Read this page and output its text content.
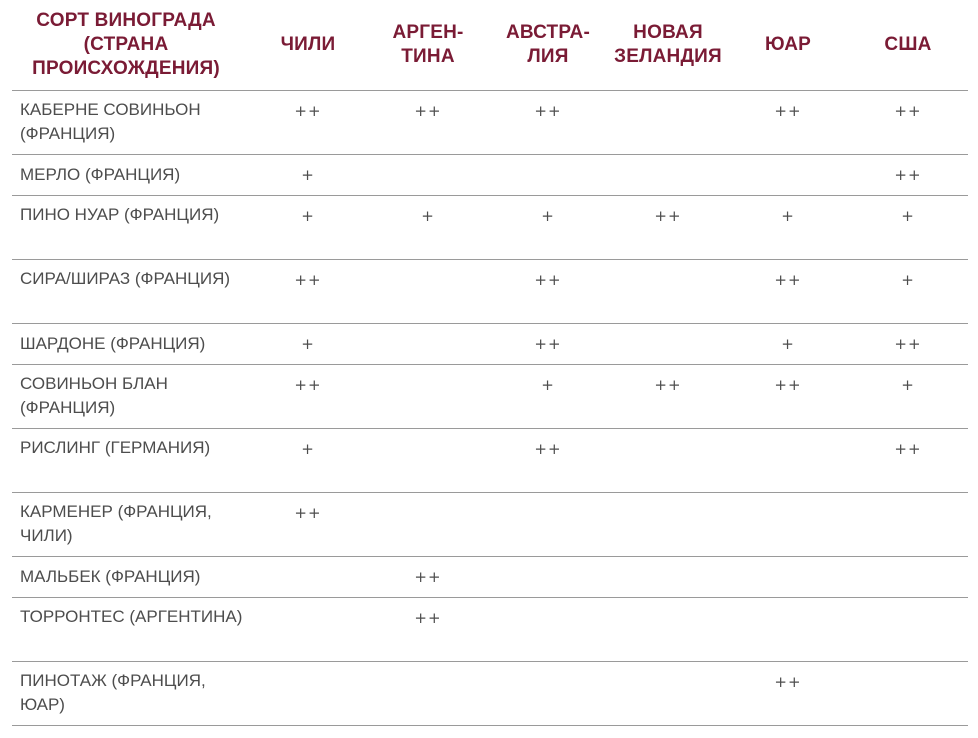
СОРТ ВИНОГРАДА (СТРАНА ПРОИСХОЖДЕНИЯ)	ЧИЛИ	АРГЕН-ТИНА	АВСТРА-ЛИЯ	НОВАЯ ЗЕЛАНДИЯ	ЮАР	США
КАБЕРНЕ СОВИНЬОН (ФРАНЦИЯ)	++	++	++		++	++
МЕРЛО (ФРАНЦИЯ)	+					++
ПИНО НУАР (ФРАНЦИЯ)	+	+	+	++	+	+
СИРА/ШИРАЗ (ФРАНЦИЯ)	++		++		++	+
ШАРДОНЕ (ФРАНЦИЯ)	+		++		+	++
СОВИНЬОН БЛАН (ФРАНЦИЯ)	++		+	++	++	+
РИСЛИНГ (ГЕРМАНИЯ)	+		++			++
КАРМЕНЕР (ФРАНЦИЯ, ЧИЛИ)	++					
МАЛЬБЕК (ФРАНЦИЯ)		++				
ТОРРОНТЕС (АРГЕНТИНА)		++				
ПИНОТАЖ (ФРАНЦИЯ, ЮАР)					++	
